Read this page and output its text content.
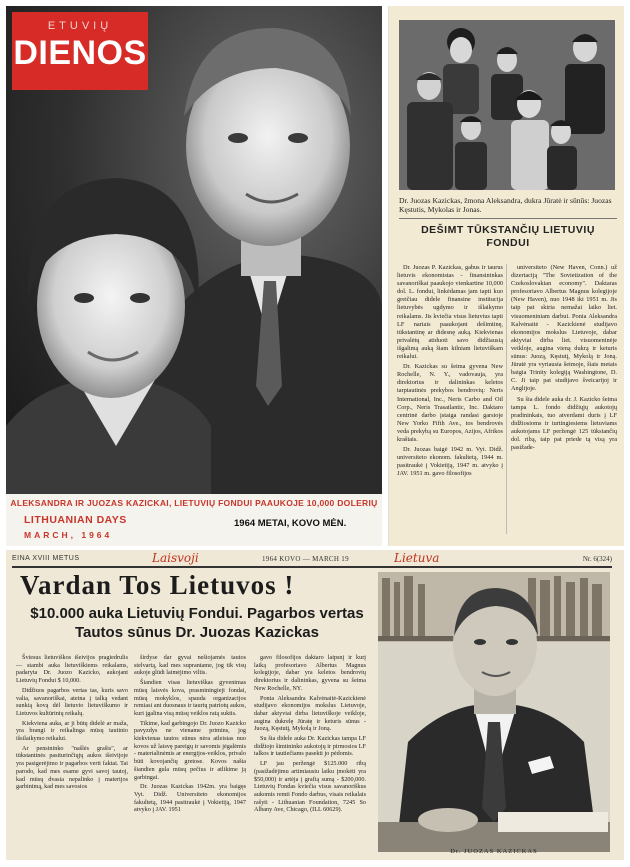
ETUVIŲ
DIENOS
ALEKSANDRA IR JUOZAS KAZICKAI, LIETUVIŲ FONDUI PAAUKOJE 10,000 DOLERIŲ
LITHUANIAN DAYS
MARCH, 1964
1964 METAI, KOVO MĖN.
Dr. Juozas Kazickas, žmona Aleksandra, dukra Jūratė ir sūnūs: Juozas Kęstutis, Mykolas ir Jonas.
DEŠIMT TŪKSTANČIŲ LIETUVIŲ FONDUI

Dr. Juozas P. Kazickas, gabus ir taurus lietuvis ekonomistas - finansininkas savanoriškai paaukojo vienkartine 10,000 dol. L. fondui, linkėdamas jam tapti kuo greičiau didele finansine institucija lietuvybės ugdymo ir išlaikymo reikalams. Jis kviečia visus lietuvius tapti LF nariais paaukojant dešimtinę, tūkstantinę ar didesnę auką. Kiekvienas privalėtų atiduoti savo didžiausią išgalimą auką šiam kilniam lietuviškam reikalui.

Dr. Kazickas su šeima gyvena New Rochelle, N. Y., vadovauja, yra direktorius ir dalininkas keletos tarptautinės prekybos bendrovių: Neris International, Inc., Neris Carbo and Oil Corp., Neris Trasatlantic, Inc. Daktaro centrinė darbo įstaiga randasi garsioje New Yorko Fifth Ave., tos bendrovės veda prekybą su Europos, Azijos, Afrikos kraštais.

Dr. Juozas baigė 1942 m. Vyt. Didž. universiteto ekonom. fakultetą, 1944 m. pasitraukė į Vokietiją, 1947 m. atvyko į JAV. 1951 m. gavo filosofijos

universiteto (New Haven, Conn.) už dizertaciją "The Sovietization of the Czekoslovakian economy". Daktaras profesoriavo Albertus Magnus kolegijoje (New Haven), nuo 1948 iki 1951 m. Jis taip pat skiria nemažai laiko liet. visuomeniniam darbui. Ponia Aleksandra Kalvėnaitė - Kazickienė studijavo ekonomijos mokslus Lietuvoje, dabar aktyviai dirba liet. visuomeninėje veikloje, augina vieną dukrą ir keturis sūnus: Juozą, Kęstutį, Mykolą ir Joną. Jūratė yra vyriausia šeimoje, šiais metais baigia Trinity kolegiją Washingtone, D. C. Ji taip pat studijavo šveicarijoj ir Anglijoje.

Su šia didele auka dr. J. Kazicko šeima tampa L. fondo didžiųjų aukotojų pradininkais, tuo atverdami duris į LF didžiosioms ir turtingiesiems lietuviams aukotojams LF peržengė 125 tūkstančių dol. ribą, taip pat priede tą visą yra pasižade-

EINA XVIII METUS	Laisvoji	1964 KOVO — MARCH 19	Lietuva	Nr. 6(324)
Vardan Tos Lietuvos !
$10.000 auka Lietuvių Fondui. Pagarbos vertas Tautos sūnus Dr. Juozas Kazickas

Šviesus lietuviškos išeivijos pragiedrulis — stambi auka lietuviškiems reikalams, padaryta Dr. Juozo Kazicko, aukojant Lietuvių Fondui $ 10,000.

Didžiuos pagarbos vertas tas, kuris savo valia, savanoriškai, ateina į talką vedant sunkią kovą dėl lietuvio lietuviškumo ir Lietuvos kultūrinių reikalų.

Kiekviena auka, ar ji būtų didelė ar maža, yra brangi ir reikalinga mūsų tautinio išsilaikymo reikalui.

Ar pensininko "našlės grašis", ar tūkstantinės pasiturinčiųjų aukos išeivijoje yra pasigerėjimo ir pagarbos verti faktai. Tai parodo, kad mes esame gyvi savoj tautoj, kad mūsų dvasia nepalinko į materijos garbinimą, kad mes savosios

širdyse dar gyvai nešiojamės tautos stelvartą, kad mes suprantame, jog tik visų aukoje glūdi laimėjimo viltis.

Šiandien visas lietuviškas gyvenimas mūsų laisvės kova, prasminingieji fondai, mūsų mokyklos, spauda organizacijos remiasi ant duosnaus ir taurių patriotų aukos, kuri įgalina visą mūsų veiklos ratą suktis.

Tikime, kad garbingojo Dr. Juozo Kazicko pavyzdys ne viename primins, jog kiekvienas tautos sūnus nėra atleistas nuo kovos už laisvę pareigų ir savomis jėgalėmis - materialinėmis ar energijos-veiklos, privalo būti kovojančių gretose. Kovos našta šiandien gula mūsų pečius ir atlikime ją garbingai.

Dr. Juozas Kazickas 1942m. yra baigęs Vyt. Didž. Universiteto ekonomijos fakultetą, 1944 pasitraukė į Vokietiją, 1947 atvyko į JAV. 1951

gavo filosofijos daktaro laipsnį ir kurį laiką profesoriavo Albertus Magnus kolegijoje, dabar yra keletos bendrovių direktorius ir dalininkas, gyvena su šeima New Rochelle, NY.

Ponia Aleksandra Kalvėnaitė-Kazickienė studijavo ekonomijos mokslus Lietuvoje, dabar aktyviai dirba lietuviškoje veikloje, augina dukrelę Jūratę ir keturis sūnus - Juozą, Kęstutį, Mykolą ir Joną.

Su šia didele auka Dr. Kazickas tampa LF didžiojo šimtininko aukotojų ir pirmosios LF talkos ir tautiečiams pasekti jo pėdomis.

LF jau peržengė $125.000 ribą (pasižadėjimu artimiausiu laiku įmokėti yra $50,000) ir artėja į grafią sumą - $200,000. Lietuvių Fondas kviečia visus savanoriškus aukomis remti Fondo darbus, visais reikalais rašyti - Lithuanian Foundation, 7245 So Albany Ave, Chicago, (ILL 60629).

Dr. JUOZAS KAZICKAS
